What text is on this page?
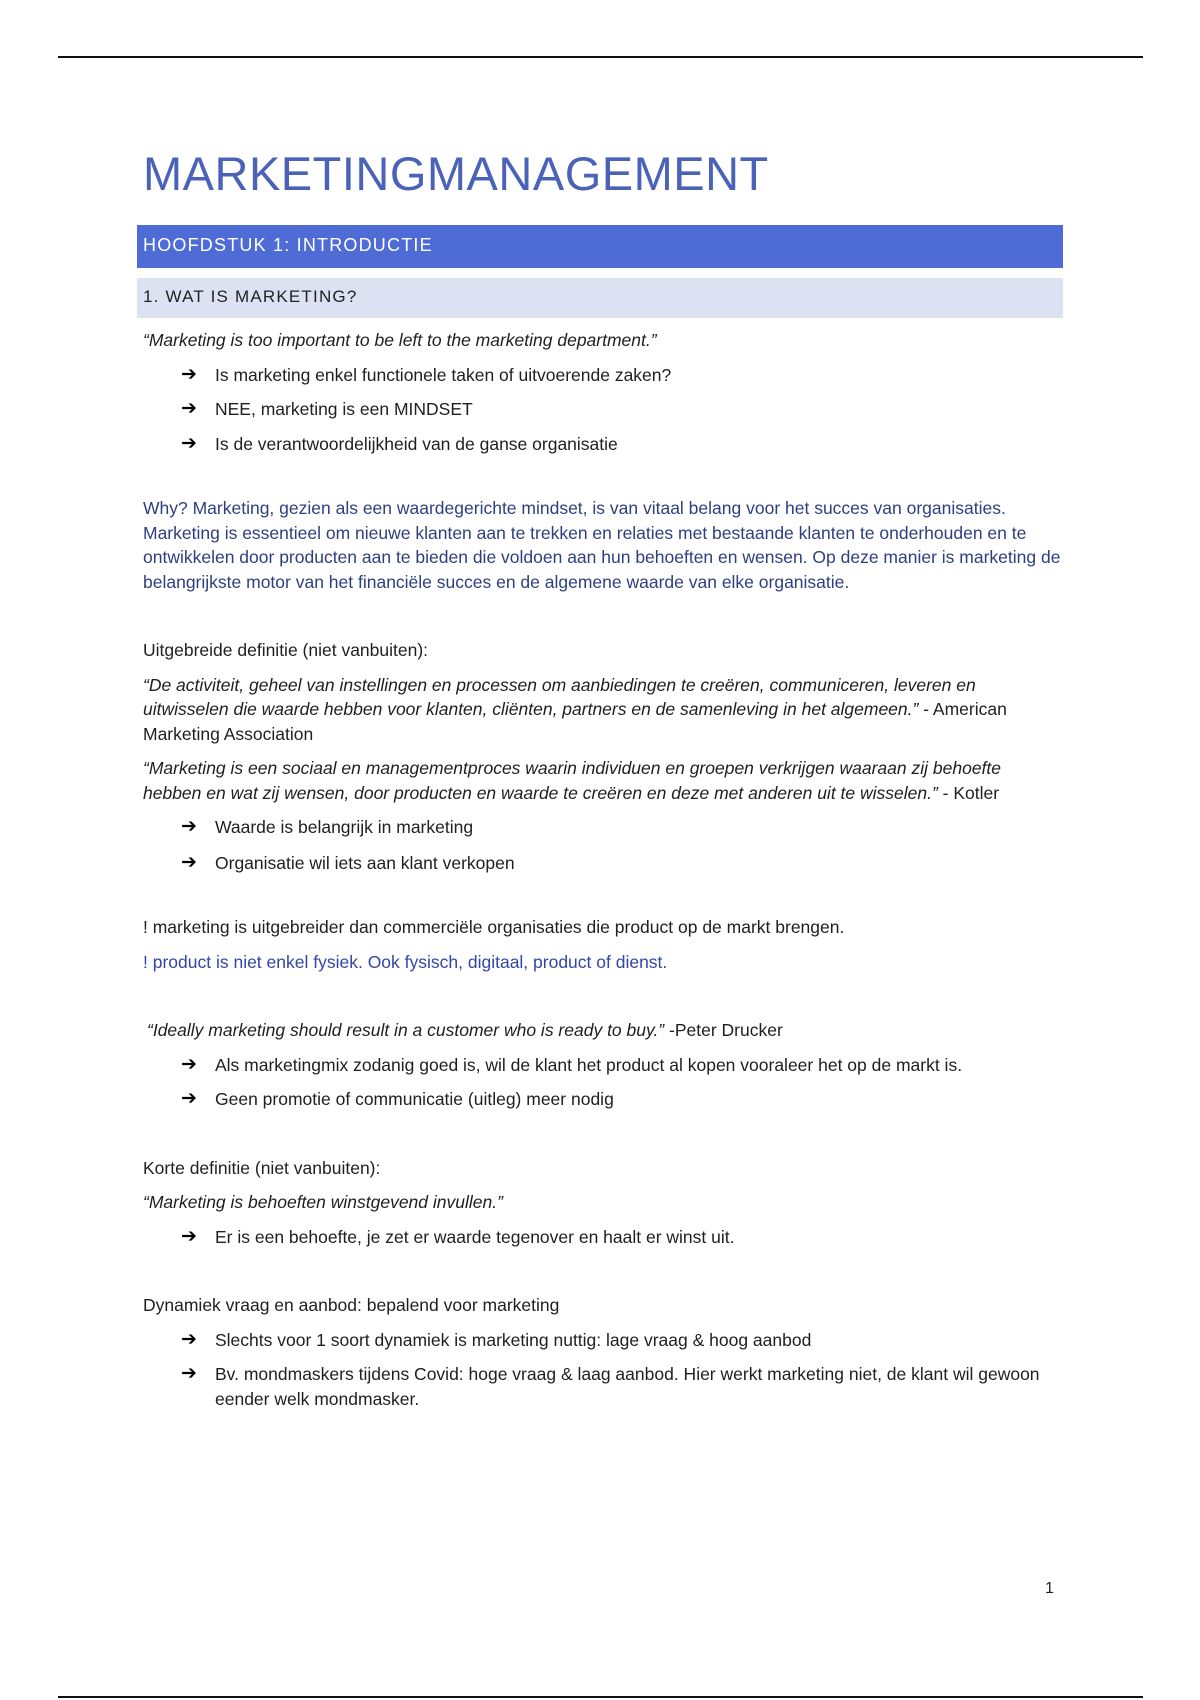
MARKETINGMANAGEMENT
HOOFDSTUK 1: INTRODUCTIE
1. WAT IS MARKETING?

“Marketing is too important to be left to the marketing department.”

➔ Is marketing enkel functionele taken of uitvoerende zaken?
➔ NEE, marketing is een MINDSET
➔ Is de verantwoordelijkheid van de ganse organisatie

Why? Marketing, gezien als een waardegerichte mindset, is van vitaal belang voor het succes van organisaties. Marketing is essentieel om nieuwe klanten aan te trekken en relaties met bestaande klanten te onderhouden en te ontwikkelen door producten aan te bieden die voldoen aan hun behoeften en wensen. Op deze manier is marketing de belangrijkste motor van het financiële succes en de algemene waarde van elke organisatie.

Uitgebreide definitie (niet vanbuiten):

“De activiteit, geheel van instellingen en processen om aanbiedingen te creëren, communiceren, leveren en uitwisselen die waarde hebben voor klanten, cliënten, partners en de samenleving in het algemeen.” - American Marketing Association

“Marketing is een sociaal en managementproces waarin individuen en groepen verkrijgen waaraan zij behoefte hebben en wat zij wensen, door producten en waarde te creëren en deze met anderen uit te wisselen.” - Kotler

➔ Waarde is belangrijk in marketing
➔ Organisatie wil iets aan klant verkopen

! marketing is uitgebreider dan commerciële organisaties die product op de markt brengen.

! product is niet enkel fysiek. Ook fysisch, digitaal, product of dienst.

“Ideally marketing should result in a customer who is ready to buy.” -Peter Drucker

➔ Als marketingmix zodanig goed is, wil de klant het product al kopen vooraleer het op de markt is.
➔ Geen promotie of communicatie (uitleg) meer nodig

Korte definitie (niet vanbuiten):

“Marketing is behoeften winstgevend invullen.”

➔ Er is een behoefte, je zet er waarde tegenover en haalt er winst uit.

Dynamiek vraag en aanbod: bepalend voor marketing

➔ Slechts voor 1 soort dynamiek is marketing nuttig: lage vraag & hoog aanbod
➔ Bv. mondmaskers tijdens Covid: hoge vraag & laag aanbod. Hier werkt marketing niet, de klant wil gewoon eender welk mondmasker.
1
